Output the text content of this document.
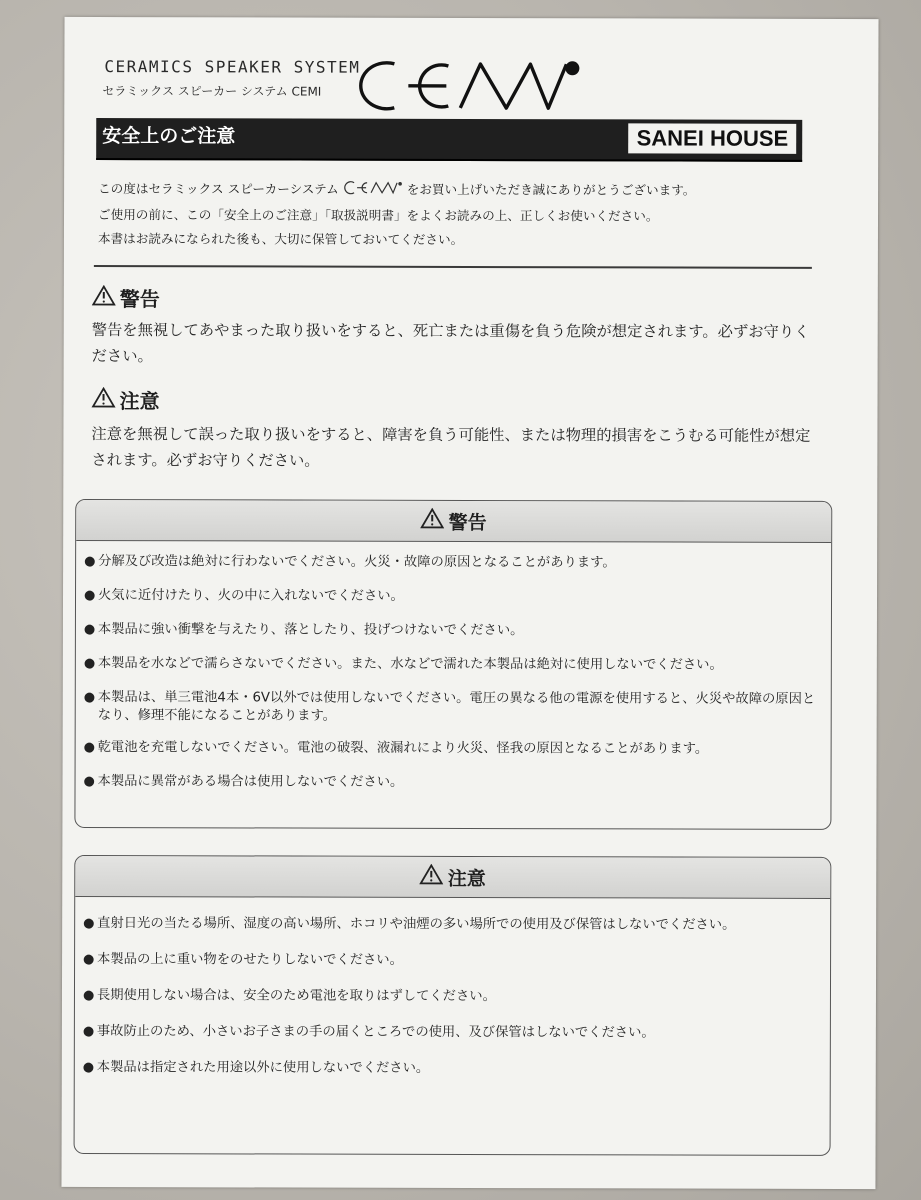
CERAMICS SPEAKER SYSTEM
セラミックス スピーカー システム CEMI
安全上のご注意	SANEI HOUSE
この度はセラミックス スピーカーシステム	をお買い上げいただき誠にありがとうございます。
ご使用の前に、この「安全上のご注意」「取扱説明書」をよくお読みの上、正しくお使いください。
本書はお読みになられた後も、大切に保管しておいてください。
警告
警告を無視してあやまった取り扱いをすると、死亡または重傷を負う危険が想定されます。必ずお守りください。
注意
注意を無視して誤った取り扱いをすると、障害を負う可能性、または物理的損害をこうむる可能性が想定されます。必ずお守りください。
警告
● 分解及び改造は絶対に行わないでください。火災・故障の原因となることがあります。
● 火気に近付けたり、火の中に入れないでください。
● 本製品に強い衝撃を与えたり、落としたり、投げつけないでください。
● 本製品を水などで濡らさないでください。また、水などで濡れた本製品は絶対に使用しないでください。
● 本製品は、単三電池4本・6V以外では使用しないでください。電圧の異なる他の電源を使用すると、火災や故障の原因となり、修理不能になることがあります。
● 乾電池を充電しないでください。電池の破裂、液漏れにより火災、怪我の原因となることがあります。
● 本製品に異常がある場合は使用しないでください。
注意
● 直射日光の当たる場所、湿度の高い場所、ホコリや油煙の多い場所での使用及び保管はしないでください。
● 本製品の上に重い物をのせたりしないでください。
● 長期使用しない場合は、安全のため電池を取りはずしてください。
● 事故防止のため、小さいお子さまの手の届くところでの使用、及び保管はしないでください。
● 本製品は指定された用途以外に使用しないでください。
